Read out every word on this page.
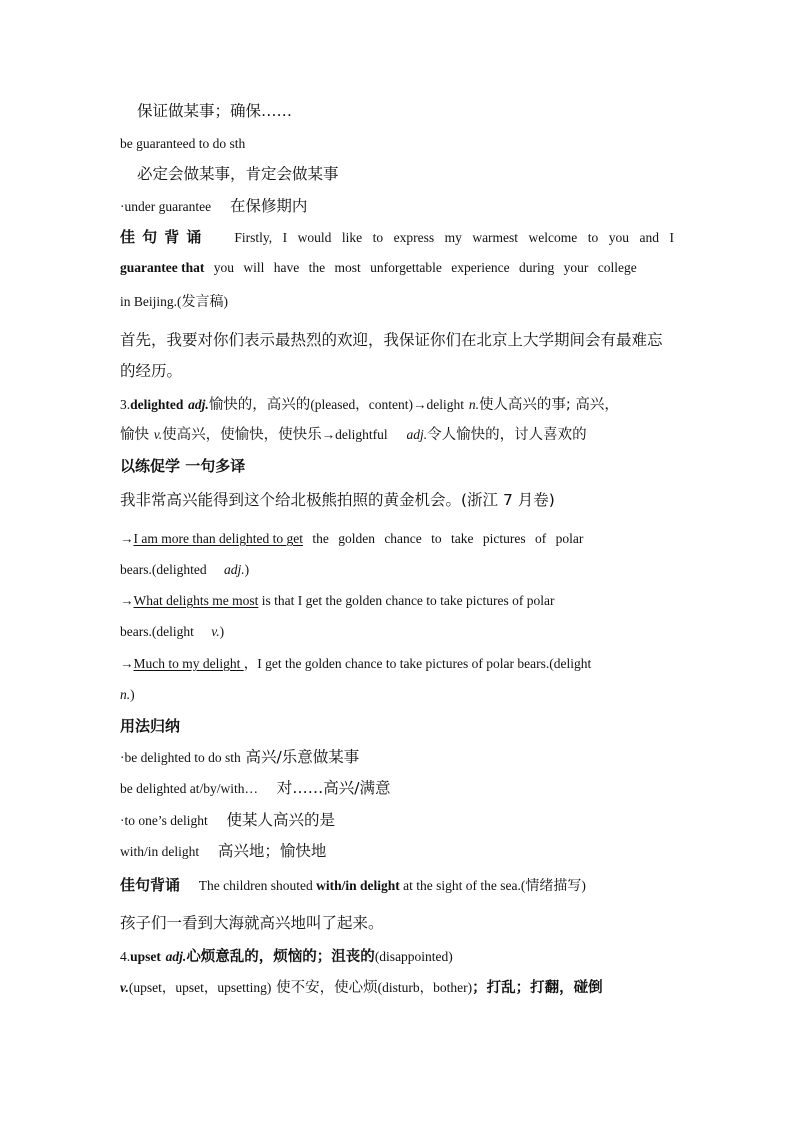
保证做某事；确保……
be guaranteed to do sth
必定会做某事，肯定会做某事
·under guarantee 在保修期内
佳句背诵 Firstly, I would like to express my warmest welcome to you and I
guarantee that you will have the most unforgettable experience during your college
in Beijing.(发言稿)
首先，我要对你们表示最热烈的欢迎，我保证你们在北京上大学期间会有最难忘
的经历。
3.delighted adj.愉快的，高兴的(pleased，content)→delight n.使人高兴的事; 高兴，
愉快 v.使高兴，使愉快，使快乐→delightful adj.令人愉快的，讨人喜欢的
以练促学 一句多译
我非常高兴能得到这个给北极熊拍照的黄金机会。(浙江 7 月卷)
→I am more than delighted to get the golden chance to take pictures of polar
bears.(delighted adj.)
→What delights me most is that I get the golden chance to take pictures of polar
bears.(delight v.)
→Much to my delight ，I get the golden chance to take pictures of polar bears.(delight
n.)
用法归纳
·be delighted to do sth 高兴/乐意做某事
be delighted at/by/with… 对……高兴/满意
·to one’s delight 使某人高兴的是
with/in delight 高兴地；愉快地
佳句背诵 The children shouted with/in delight at the sight of the sea.(情绪描写)
孩子们一看到大海就高兴地叫了起来。
4.upset adj.心烦意乱的，烦恼的；沮丧的(disappointed)
v.(upset，upset，upsetting) 使不安，使心烦(disturb，bother)；打乱；打翻，碰倒
